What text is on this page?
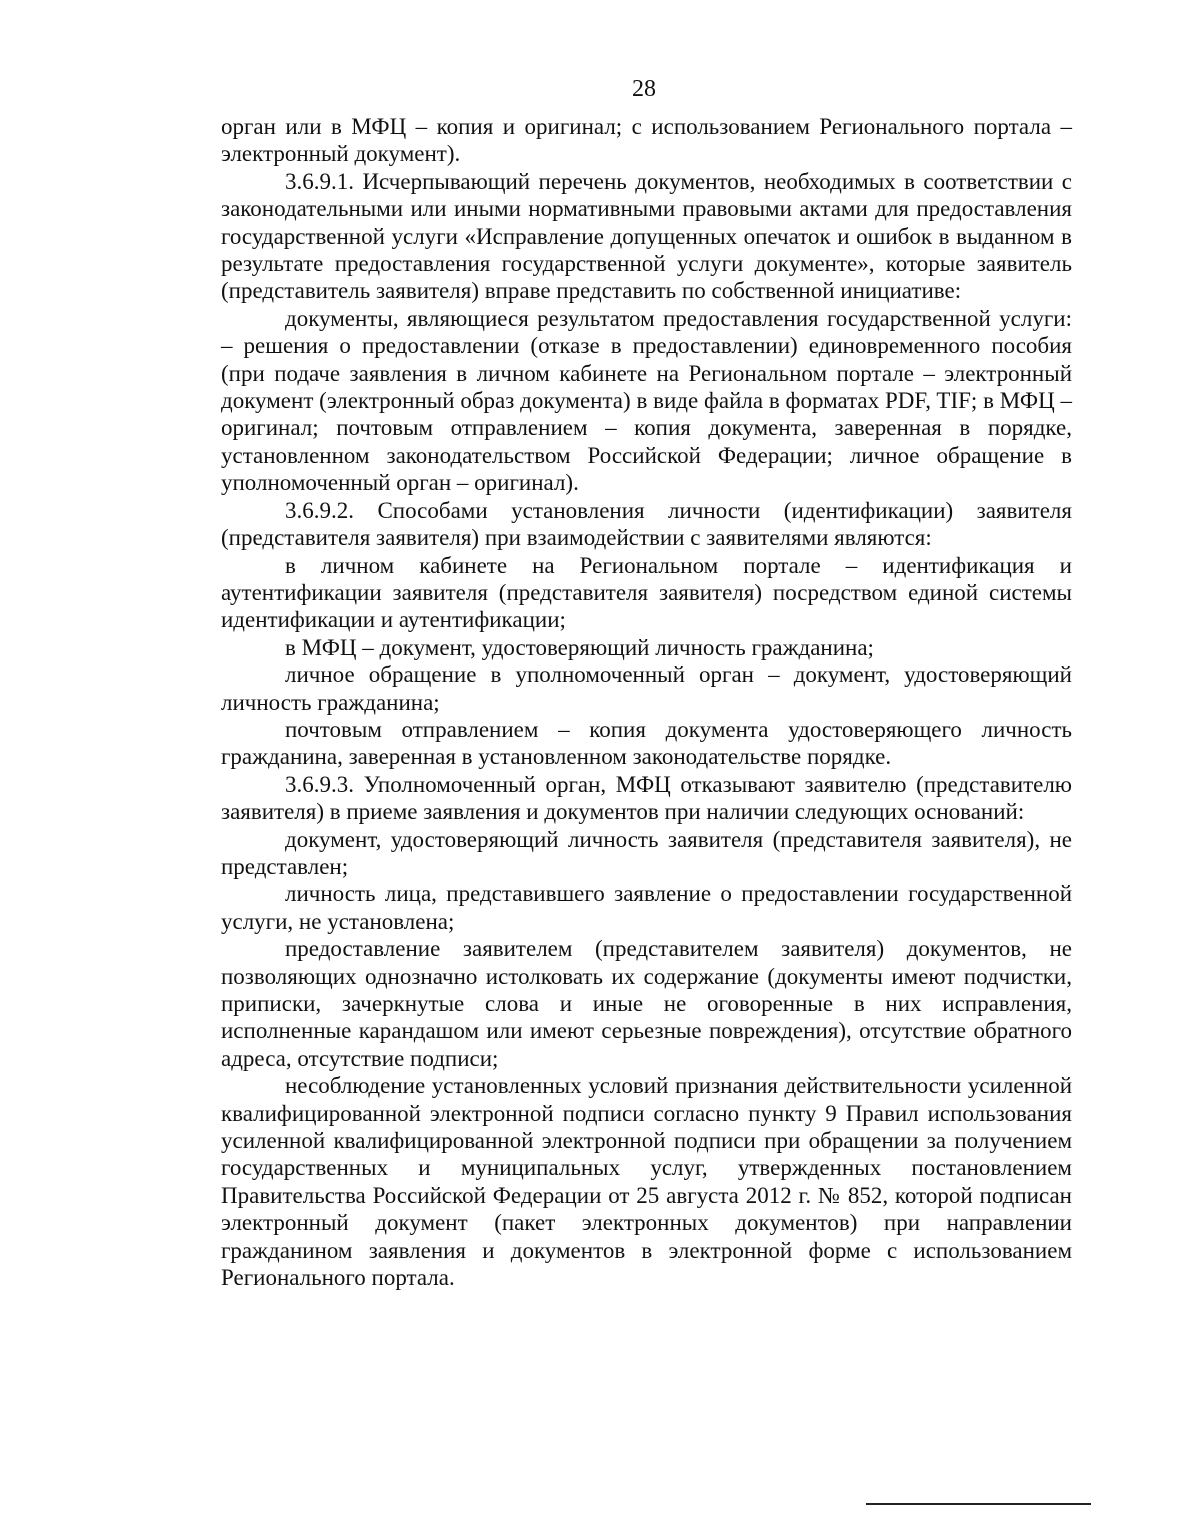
28

орган или в МФЦ – копия и оригинал; с использованием Регионального портала – электронный документ).

3.6.9.1. Исчерпывающий перечень документов, необходимых в соответствии с законодательными или иными нормативными правовыми актами для предоставления государственной услуги «Исправление допущенных опечаток и ошибок в выданном в результате предоставления государственной услуги документе», которые заявитель (представитель заявителя) вправе представить по собственной инициативе:

документы, являющиеся результатом предоставления государственной услуги: – решения о предоставлении (отказе в предоставлении) единовременного пособия (при подаче заявления в личном кабинете на Региональном портале – электронный документ (электронный образ документа) в виде файла в форматах PDF, TIF; в МФЦ – оригинал; почтовым отправлением – копия документа, заверенная в порядке, установленном законодательством Российской Федерации; личное обращение в уполномоченный орган – оригинал).

3.6.9.2. Способами установления личности (идентификации) заявителя (представителя заявителя) при взаимодействии с заявителями являются:

в личном кабинете на Региональном портале – идентификация и аутентификации заявителя (представителя заявителя) посредством единой системы идентификации и аутентификации;

в МФЦ – документ, удостоверяющий личность гражданина;

личное обращение в уполномоченный орган – документ, удостоверяющий личность гражданина;

почтовым отправлением – копия документа удостоверяющего личность гражданина, заверенная в установленном законодательстве порядке.

3.6.9.3. Уполномоченный орган, МФЦ отказывают заявителю (представителю заявителя) в приеме заявления и документов при наличии следующих оснований:

документ, удостоверяющий личность заявителя (представителя заявителя), не представлен;

личность лица, представившего заявление о предоставлении государственной услуги, не установлена;

предоставление заявителем (представителем заявителя) документов, не позволяющих однозначно истолковать их содержание (документы имеют подчистки, приписки, зачеркнутые слова и иные не оговоренные в них исправления, исполненные карандашом или имеют серьезные повреждения), отсутствие обратного адреса, отсутствие подписи;

несоблюдение установленных условий признания действительности усиленной квалифицированной электронной подписи согласно пункту 9 Правил использования усиленной квалифицированной электронной подписи при обращении за получением государственных и муниципальных услуг, утвержденных постановлением Правительства Российской Федерации от 25 августа 2012 г. № 852, которой подписан электронный документ (пакет электронных документов) при направлении гражданином заявления и документов в электронной форме с использованием Регионального портала.
